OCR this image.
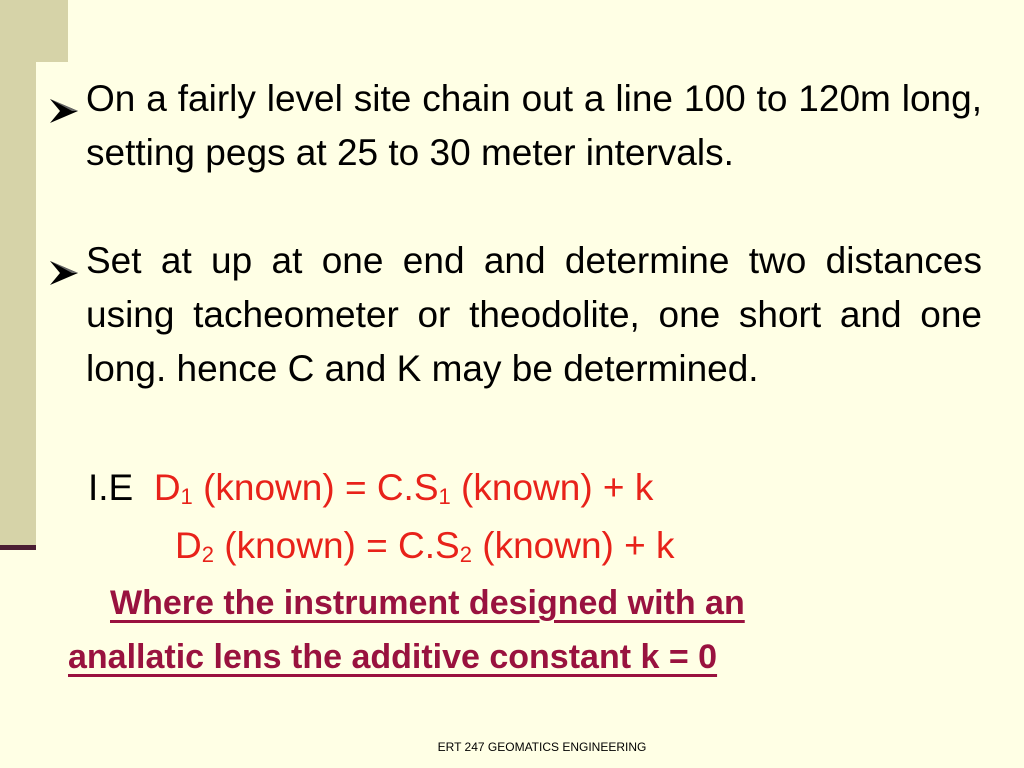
On a fairly level site chain out a line 100 to 120m long, setting pegs at 25 to 30 meter intervals.
Set at up at one end and determine two distances using tacheometer or theodolite, one short and one long. hence C and K may be determined.
I.E $D_1$ (known) = $C.S_1$ (known) + k
$D_2$ (known) = $C.S_2$ (known) + k
Where the instrument designed with an
anallatic lens the additive constant k = 0
ERT 247 GEOMATICS ENGINEERING
